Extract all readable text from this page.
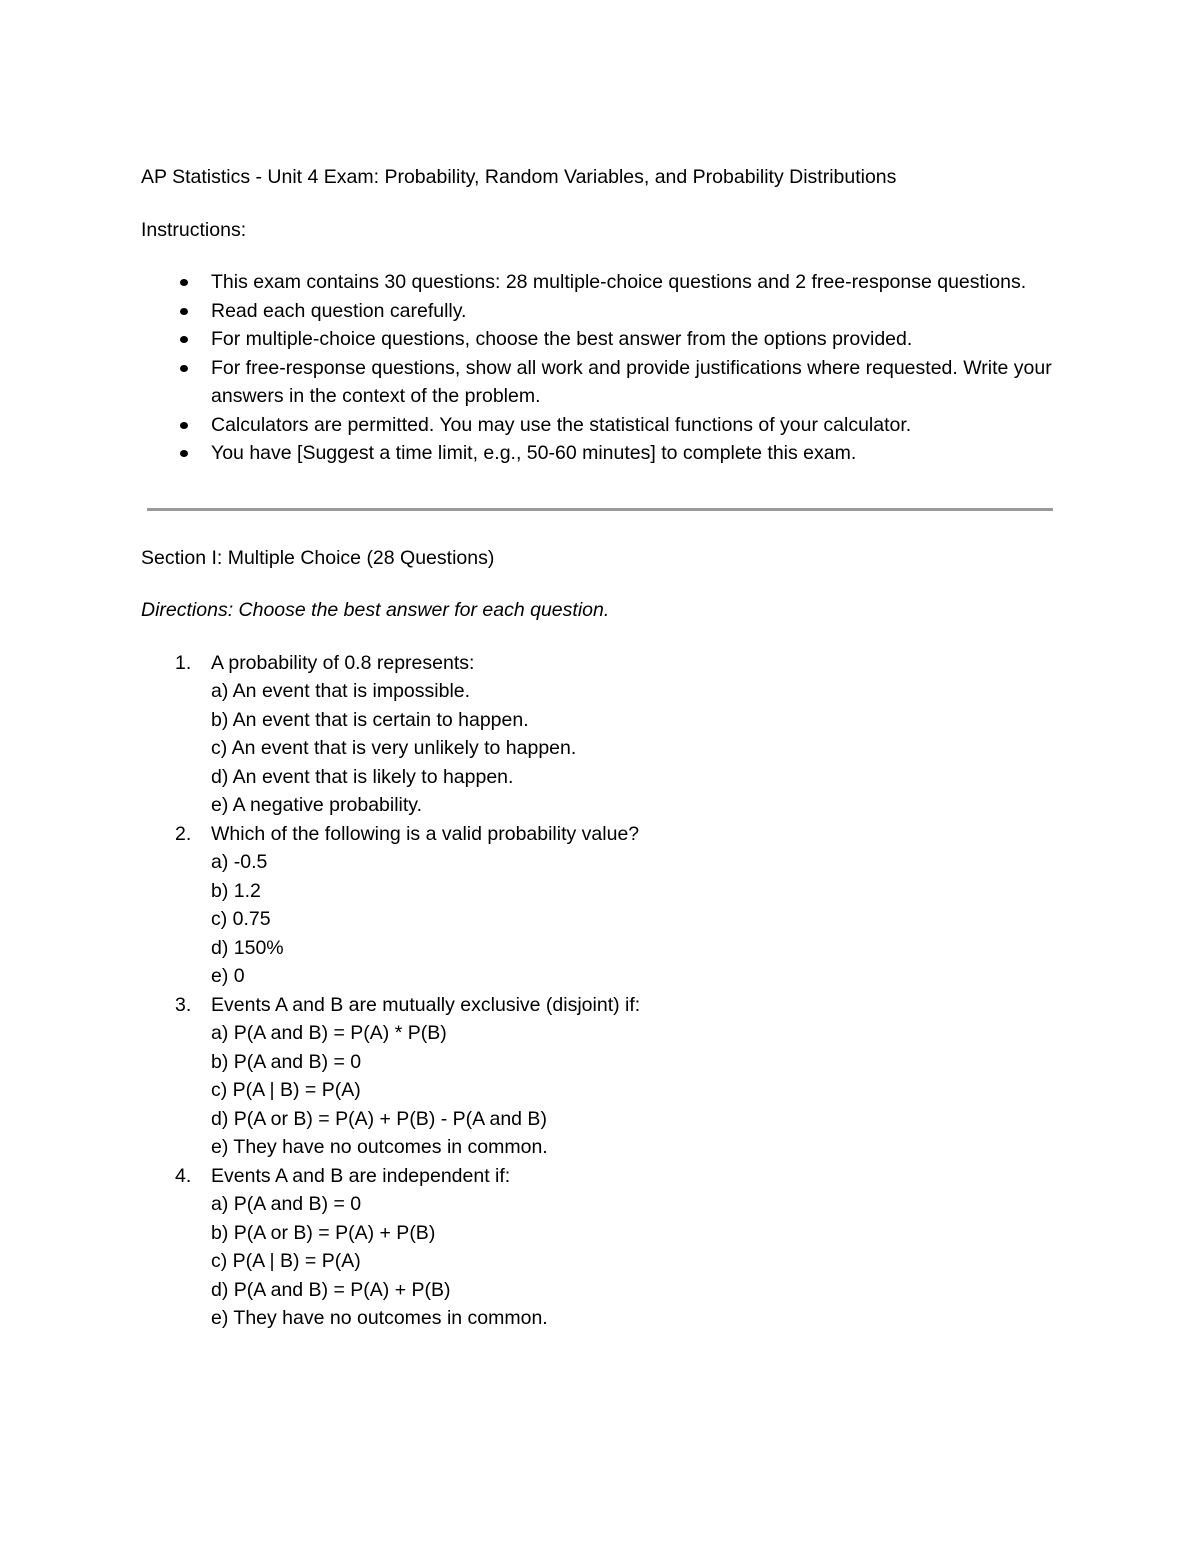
AP Statistics - Unit 4 Exam: Probability, Random Variables, and Probability Distributions

Instructions:

This exam contains 30 questions: 28 multiple-choice questions and 2 free-response questions.
Read each question carefully.
For multiple-choice questions, choose the best answer from the options provided.
For free-response questions, show all work and provide justifications where requested. Write your answers in the context of the problem.
Calculators are permitted. You may use the statistical functions of your calculator.
You have [Suggest a time limit, e.g., 50-60 minutes] to complete this exam.

Section I: Multiple Choice (28 Questions)

Directions: Choose the best answer for each question.

1. A probability of 0.8 represents:
a) An event that is impossible.
b) An event that is certain to happen.
c) An event that is very unlikely to happen.
d) An event that is likely to happen.
e) A negative probability.
2. Which of the following is a valid probability value?
a) -0.5
b) 1.2
c) 0.75
d) 150%
e) 0
3. Events A and B are mutually exclusive (disjoint) if:
a) P(A and B) = P(A) * P(B)
b) P(A and B) = 0
c) P(A | B) = P(A)
d) P(A or B) = P(A) + P(B) - P(A and B)
e) They have no outcomes in common.
4. Events A and B are independent if:
a) P(A and B) = 0
b) P(A or B) = P(A) + P(B)
c) P(A | B) = P(A)
d) P(A and B) = P(A) + P(B)
e) They have no outcomes in common.
